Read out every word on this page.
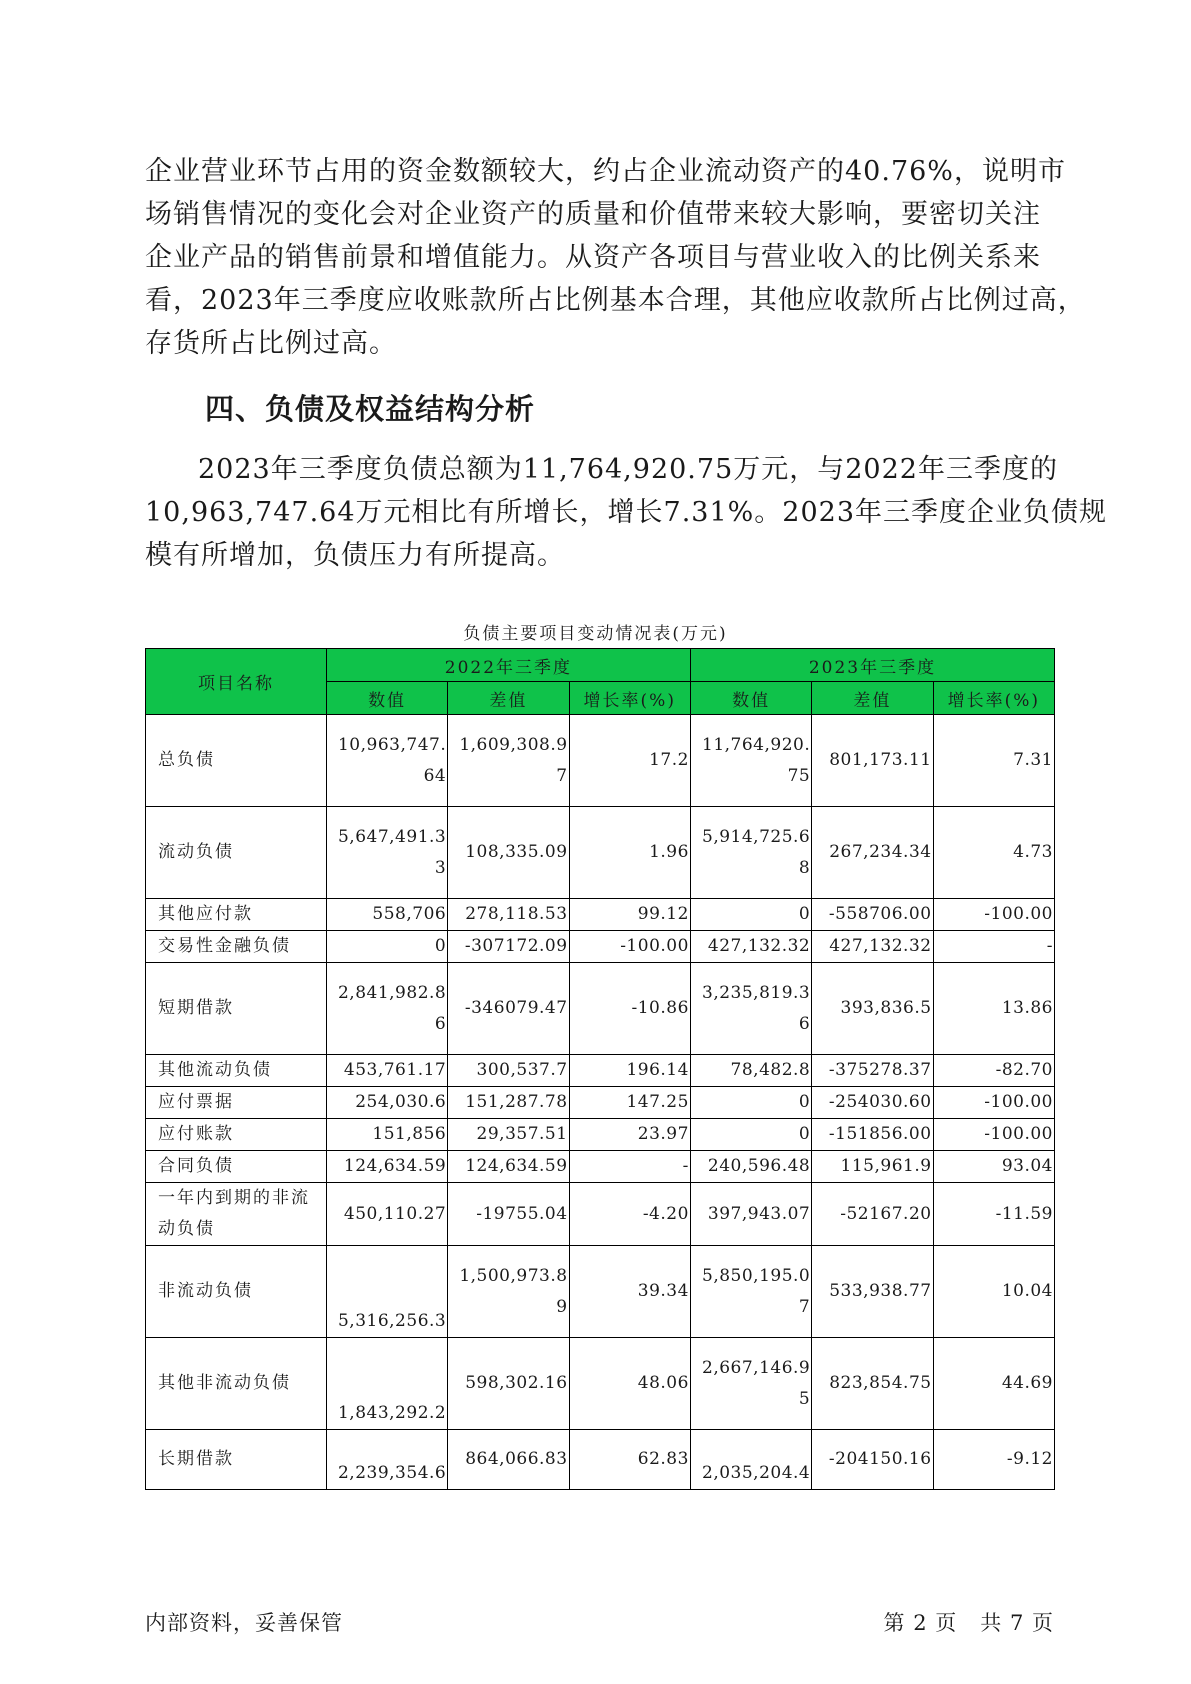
企业营业环节占用的资金数额较大，约占企业流动资产的40.76%，说明市
场销售情况的变化会对企业资产的质量和价值带来较大影响，要密切关注
企业产品的销售前景和增值能力。从资产各项目与营业收入的比例关系来
看，2023年三季度应收账款所占比例基本合理，其他应收款所占比例过高，
存货所占比例过高。
四、负债及权益结构分析
2023年三季度负债总额为11,764,920.75万元，与2022年三季度的
10,963,747.64万元相比有所增长，增长7.31%。2023年三季度企业负债规
模有所增加，负债压力有所提高。
负债主要项目变动情况表(万元)
项目名称	2022年三季度			2023年三季度		
	数值	差值	增长率(%)	数值	差值	增长率(%)
总负债	10,963,747.64	1,609,308.97	17.2	11,764,920.75	801,173.11	7.31
流动负债	5,647,491.33	108,335.09	1.96	5,914,725.68	267,234.34	4.73
其他应付款	558,706	278,118.53	99.12	0	-558706.00	-100.00
交易性金融负债	0	-307172.09	-100.00	427,132.32	427,132.32	-
短期借款	2,841,982.86	-346079.47	-10.86	3,235,819.36	393,836.5	13.86
其他流动负债	453,761.17	300,537.7	196.14	78,482.8	-375278.37	-82.70
应付票据	254,030.6	151,287.78	147.25	0	-254030.60	-100.00
应付账款	151,856	29,357.51	23.97	0	-151856.00	-100.00
合同负债	124,634.59	124,634.59	-	240,596.48	115,961.9	93.04
一年内到期的非流动负债	450,110.27	-19755.04	-4.20	397,943.07	-52167.20	-11.59
非流动负债	5,316,256.3	1,500,973.89	39.34	5,850,195.07	533,938.77	10.04
其他非流动负债	1,843,292.2	598,302.16	48.06	2,667,146.95	823,854.75	44.69
长期借款	2,239,354.6	864,066.83	62.83	2,035,204.4	-204150.16	-9.12
内部资料，妥善保管	第 2 页 共 7 页
